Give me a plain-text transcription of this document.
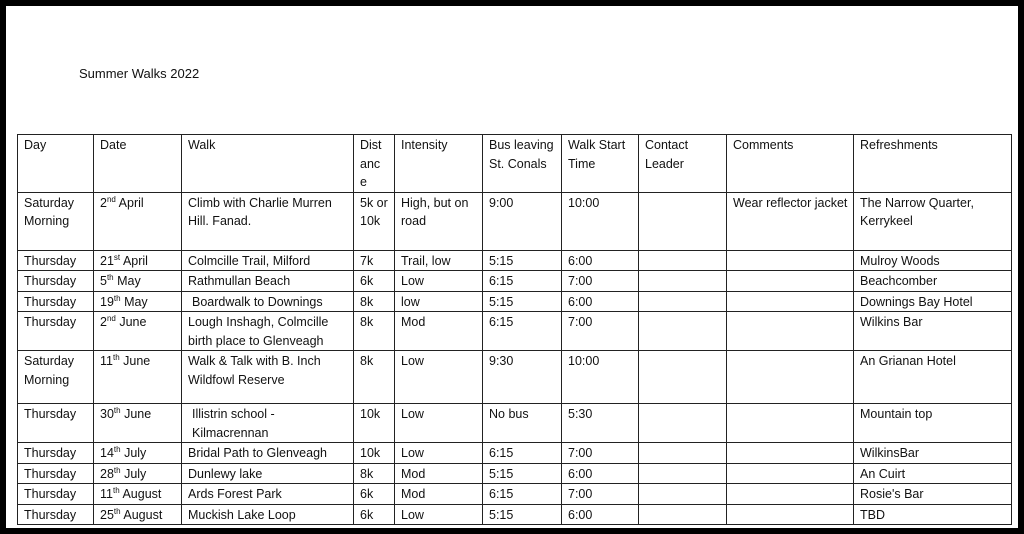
Summer Walks 2022
Day	Date	Walk	Dist anc e	Intensity	Bus leaving St. Conals	Walk Start Time	Contact Leader	Comments	Refreshments
Saturday Morning	2nd April	Climb with Charlie Murren Hill. Fanad.	5k or 10k	High, but on road	9:00	10:00		Wear reflector jacket	The Narrow Quarter, Kerrykeel
Thursday	21st April	Colmcille Trail, Milford	7k	Trail, low	5:15	6:00			Mulroy Woods
Thursday	5th May	Rathmullan Beach	6k	Low	6:15	7:00			Beachcomber
Thursday	19th May	Boardwalk to Downings	8k	low	5:15	6:00			Downings Bay Hotel
Thursday	2nd June	Lough Inshagh, Colmcille birth place to Glenveagh	8k	Mod	6:15	7:00			Wilkins Bar
Saturday Morning	11th June	Walk & Talk with B. Inch Wildfowl Reserve	8k	Low	9:30	10:00			An Grianan Hotel
Thursday	30th June	Illistrin school - Kilmacrennan	10k	Low	No bus	5:30			Mountain top
Thursday	14th July	Bridal Path to Glenveagh	10k	Low	6:15	7:00			WilkinsBar
Thursday	28th July	Dunlewy lake	8k	Mod	5:15	6:00			An Cuirt
Thursday	11th August	Ards Forest Park	6k	Mod	6:15	7:00			Rosie's Bar
Thursday	25th August	Muckish Lake Loop	6k	Low	5:15	6:00			TBD
